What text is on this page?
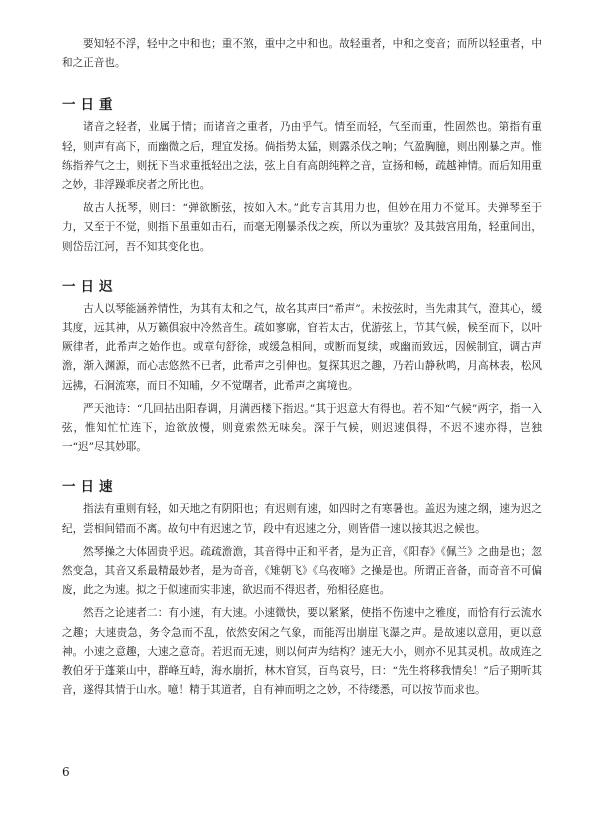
要知轻不浮，轻中之中和也；重不煞，重中之中和也。故轻重者，中和之变音；而所以轻重者，中和之正音也。

一日重

诸音之轻者，业属于情；而诸音之重者，乃由乎气。情至而轻，气至而重，性固然也。第指有重轻，则声有高下，而幽微之后，理宜发扬。倘指势太猛，则露杀伐之响；气盈胸臆，则出刚暴之声。惟练指养气之士，则抚下当求重抵轻出之法，弦上自有高朗纯粹之音，宣扬和畅，疏越神情。而后知用重之妙，非浮躁乖戾者之所比也。

故古人抚琴，则曰：“弹欲断弦，按如入木。”此专言其用力也，但妙在用力不觉耳。夫弹琴至于力，又至于不觉，则指下虽重如击石，而毫无刚暴杀伐之疾，所以为重欤？及其鼓宫用角，轻重间出，则岱岳江河，吾不知其变化也。

一日迟

古人以琴能涵养情性，为其有太和之气，故名其声曰“希声”。未按弦时，当先肃其气，澄其心，缓其度，远其神，从万籁俱寂中冷然音生。疏如寥廓，窅若太古，优游弦上，节其气候，候至而下，以叶厥律者，此希声之始作也。或章句舒徐，或缓急相间，或断而复续，或幽而致远，因候制宜，调古声澹，渐入渊源，而心志悠然不已者，此希声之引伸也。复探其迟之趣，乃若山静秋鸣，月高林表，松风远拂，石涧流寒，而日不知晡，夕不觉曙者，此希声之寓境也。

严天池诗：“几回拈出阳春调，月满西楼下指迟。”其于迟意大有得也。若不知“气候”两字，指一入弦，惟知忙忙连下，迨欲放慢，则竟索然无味矣。深于气候，则迟速俱得，不迟不速亦得，岂独一“迟”尽其妙耶。

一日速

指法有重则有轻，如天地之有阴阳也；有迟则有速，如四时之有寒暑也。盖迟为速之纲，速为迟之纪，尝相间错而不离。故句中有迟速之节，段中有迟速之分，则皆借一速以接其迟之候也。

然琴操之大体固贵乎迟。疏疏澹澹，其音得中正和平者，是为正音，《阳春》《佩兰》之曲是也；忽然变急，其音又系最精最妙者，是为奇音，《雉朝飞》《乌夜啼》之操是也。所谓正音备，而奇音不可偏废，此之为速。拟之于似速而实非速，欲迟而不得迟者，殆相径庭也。

然吾之论速者二：有小速，有大速。小速微快，要以紧紧，使指不伤速中之雅度，而恰有行云流水之趣；大速贵急，务令急而不乱，依然安闲之气象，而能泻出崩崖飞瀑之声。是故速以意用，更以意神。小速之意趣，大速之意奇。若迟而无速，则以何声为结构？速无大小，则亦不见其灵机。故成连之教伯牙于蓬莱山中，群峰互峙，海水崩折，林木窅冥，百鸟哀号，曰：“先生将移我情矣！”后子期听其音，遂得其情于山水。噫！精于其道者，自有神而明之之妙，不待缕悉，可以按节而求也。

6
